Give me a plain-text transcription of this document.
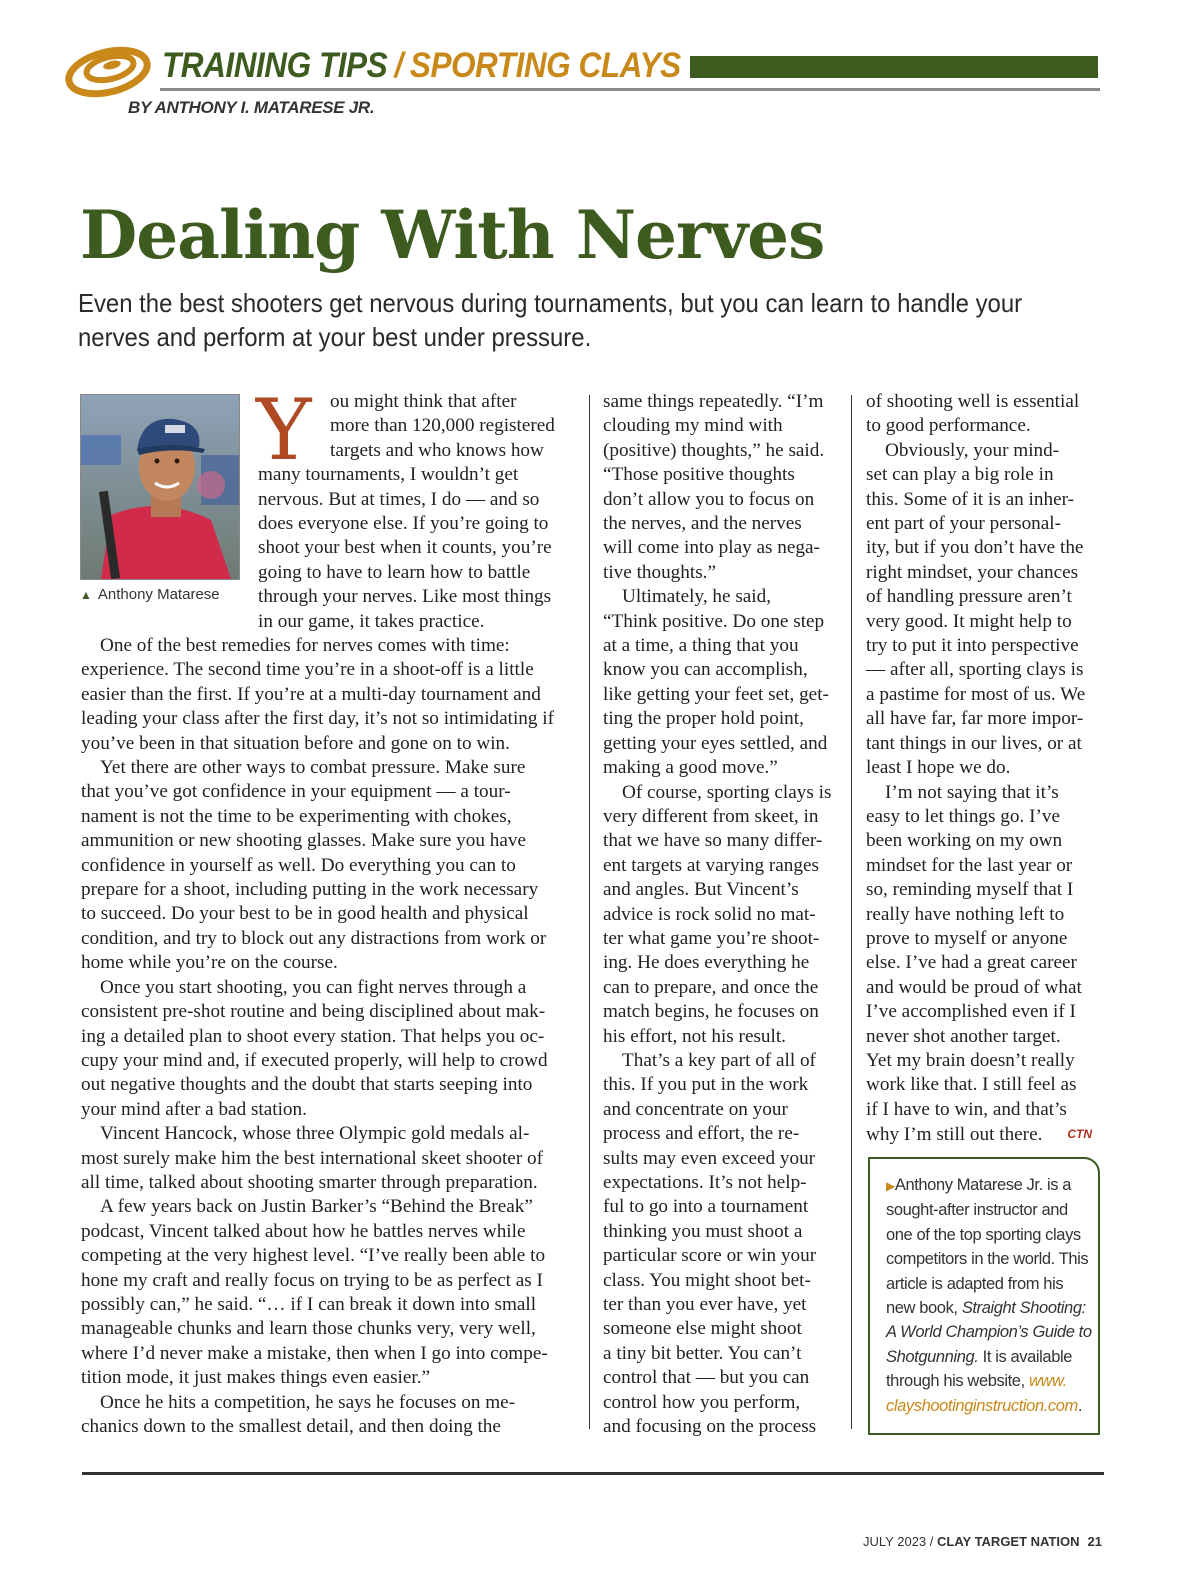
TRAINING TIPS / SPORTING CLAYS
BY ANTHONY I. MATARESE JR.
Dealing With Nerves

Even the best shooters get nervous during tournaments, but you can learn to handle your nerves and perform at your best under pressure.

▲ Anthony Matarese
Y ou might think that after
more than 120,000 registered
targets and who knows how
many tournaments, I wouldn’t get
nervous. But at times, I do — and so
does everyone else. If you’re going to
shoot your best when it counts, you’re
going to have to learn how to battle
through your nerves. Like most things
in our game, it takes practice.

One of the best remedies for nerves comes with time:
experience. The second time you’re in a shoot-off is a little
easier than the first. If you’re at a multi-day tournament and
leading your class after the first day, it’s not so intimidating if
you’ve been in that situation before and gone on to win.

Yet there are other ways to combat pressure. Make sure
that you’ve got confidence in your equipment — a tour-
nament is not the time to be experimenting with chokes,
ammunition or new shooting glasses. Make sure you have
confidence in yourself as well. Do everything you can to
prepare for a shoot, including putting in the work necessary
to succeed. Do your best to be in good health and physical
condition, and try to block out any distractions from work or
home while you’re on the course.

Once you start shooting, you can fight nerves through a
consistent pre-shot routine and being disciplined about mak-
ing a detailed plan to shoot every station. That helps you oc-
cupy your mind and, if executed properly, will help to crowd
out negative thoughts and the doubt that starts seeping into
your mind after a bad station.

Vincent Hancock, whose three Olympic gold medals al-
most surely make him the best international skeet shooter of
all time, talked about shooting smarter through preparation.

A few years back on Justin Barker’s “Behind the Break”
podcast, Vincent talked about how he battles nerves while
competing at the very highest level. “I’ve really been able to
hone my craft and really focus on trying to be as perfect as I
possibly can,” he said. “… if I can break it down into small
manageable chunks and learn those chunks very, very well,
where I’d never make a mistake, then when I go into compe-
tition mode, it just makes things even easier.”

Once he hits a competition, he says he focuses on me-
chanics down to the smallest detail, and then doing the

same things repeatedly. “I’m
clouding my mind with
(positive) thoughts,” he said.
“Those positive thoughts
don’t allow you to focus on
the nerves, and the nerves
will come into play as nega-
tive thoughts.”

Ultimately, he said,
“Think positive. Do one step
at a time, a thing that you
know you can accomplish,
like getting your feet set, get-
ting the proper hold point,
getting your eyes settled, and
making a good move.”

Of course, sporting clays is
very different from skeet, in
that we have so many differ-
ent targets at varying ranges
and angles. But Vincent’s
advice is rock solid no mat-
ter what game you’re shoot-
ing. He does everything he
can to prepare, and once the
match begins, he focuses on
his effort, not his result.

That’s a key part of all of
this. If you put in the work
and concentrate on your
process and effort, the re-
sults may even exceed your
expectations. It’s not help-
ful to go into a tournament
thinking you must shoot a
particular score or win your
class. You might shoot bet-
ter than you ever have, yet
someone else might shoot
a tiny bit better. You can’t
control that — but you can
control how you perform,
and focusing on the process

of shooting well is essential
to good performance.

Obviously, your mind-
set can play a big role in
this. Some of it is an inher-
ent part of your personal-
ity, but if you don’t have the
right mindset, your chances
of handling pressure aren’t
very good. It might help to
try to put it into perspective
— after all, sporting clays is
a pastime for most of us. We
all have far, far more impor-
tant things in our lives, or at
least I hope we do.

I’m not saying that it’s
easy to let things go. I’ve
been working on my own
mindset for the last year or
so, reminding myself that I
really have nothing left to
prove to myself or anyone
else. I’ve had a great career
and would be proud of what
I’ve accomplished even if I
never shot another target.
Yet my brain doesn’t really
work like that. I still feel as
if I have to win, and that’s
why I’m still out there. CTN

▶Anthony Matarese Jr. is a
sought-after instructor and
one of the top sporting clays
competitors in the world. This
article is adapted from his
new book, Straight Shooting:
A World Champion’s Guide to
Shotgunning. It is available
through his website, www.
clayshootinginstruction.com.
JULY 2023 / CLAY TARGET NATION 21
